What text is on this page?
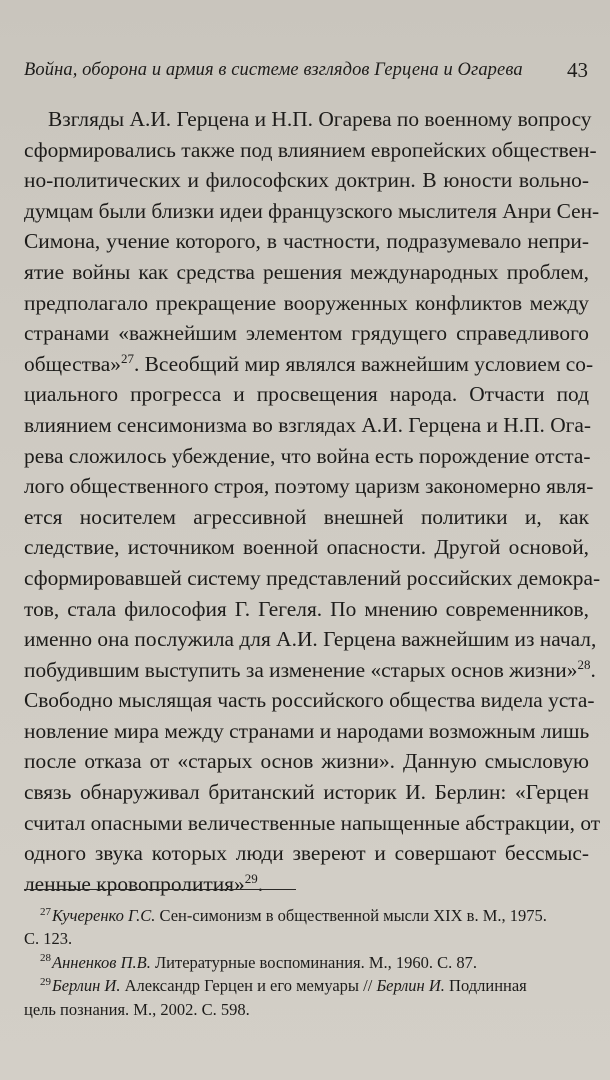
Война, оборона и армия в системе взглядов Герцена и Огарева	43
Взгляды А.И. Герцена и Н.П. Огарева по военному вопросу
сформировались также под влиянием европейских обществен-
но-политических и философских доктрин. В юности вольно-
думцам были близки идеи французского мыслителя Анри Сен-
Симона, учение которого, в частности, подразумевало непри-
ятие войны как средства решения международных проблем,
предполагало прекращение вооруженных конфликтов между
странами «важнейшим элементом грядущего справедливого
общества»$^{27}$. Всеобщий мир являлся важнейшим условием со-
циального прогресса и просвещения народа. Отчасти под
влиянием сенсимонизма во взглядах А.И. Герцена и Н.П. Ога-
рева сложилось убеждение, что война есть порождение отста-
лого общественного строя, поэтому царизм закономерно явля-
ется носителем агрессивной внешней политики и, как
следствие, источником военной опасности. Другой основой,
сформировавшей систему представлений российских демокра-
тов, стала философия Г. Гегеля. По мнению современников,
именно она послужила для А.И. Герцена важнейшим из начал,
побудившим выступить за изменение «старых основ жизни»$^{28}$.
Свободно мыслящая часть российского общества видела уста-
новление мира между странами и народами возможным лишь
после отказа от «старых основ жизни». Данную смысловую
связь обнаруживал британский историк И. Берлин: «Герцен
считал опасными величественные напыщенные абстракции, от
одного звука которых люди звереют и совершают бессмыс-
ленные кровопролития»$^{29}$.
$^{27}$Кучеренко Г.С. Сен-симонизм в общественной мысли XIX в. М., 1975.
С. 123.
$^{28}$Анненков П.В. Литературные воспоминания. М., 1960. С. 87.
$^{29}$Берлин И. Александр Герцен и его мемуары // Берлин И. Подлинная
цель познания. М., 2002. С. 598.
